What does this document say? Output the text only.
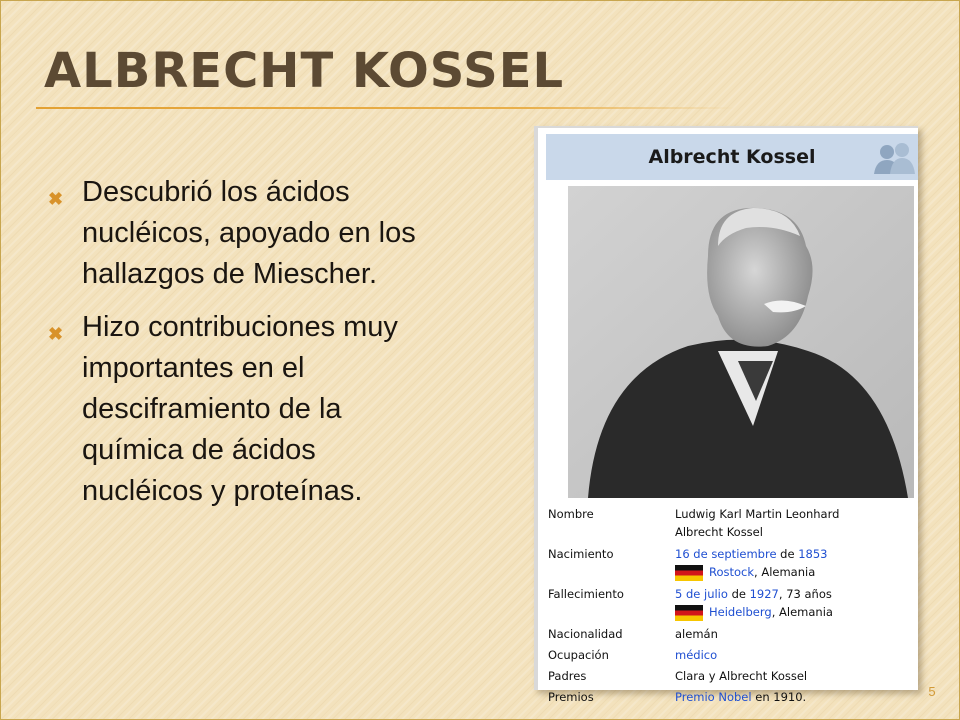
ALBRECHT KOSSEL
✖ Descubrió los ácidos nucléicos, apoyado en los hallazgos de Miescher.
✖ Hizo contribuciones muy importantes en el desciframiento de la química de ácidos nucléicos y proteínas.
Albrecht Kossel
Nombre	Ludwig Karl Martin Leonhard
Albrecht Kossel
Nacimiento	16 de septiembre de 1853
Rostock, Alemania
Fallecimiento	5 de julio de 1927, 73 años
Heidelberg, Alemania
Nacionalidad	alemán
Ocupación	médico
Padres	Clara y Albrecht Kossel
Premios	Premio Nobel en 1910.	5
